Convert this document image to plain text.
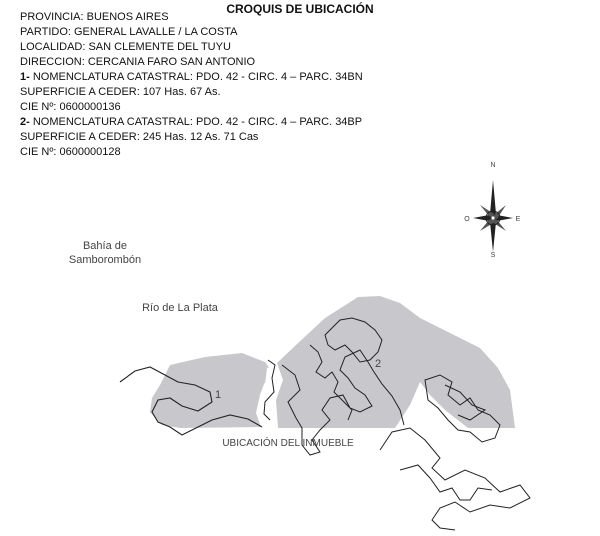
CROQUIS DE UBICACIÓN
PROVINCIA: BUENOS AIRES
PARTIDO: GENERAL LAVALLE / LA COSTA
LOCALIDAD: SAN CLEMENTE DEL TUYU
DIRECCION: CERCANIA FARO SAN ANTONIO
1- NOMENCLATURA CATASTRAL: PDO. 42 - CIRC. 4 – PARC. 34BN
SUPERFICIE A CEDER: 107 Has. 67 As.
CIE Nº: 0600000136
2- NOMENCLATURA CATASTRAL: PDO. 42 - CIRC. 4 – PARC. 34BP
SUPERFICIE A CEDER: 245 Has. 12 As. 71 Cas
CIE Nº: 0600000128
Bahía de
Samborombón
Río de La Plata
1
2
UBICACIÓN DEL INMUEBLE
N
S
O	E
